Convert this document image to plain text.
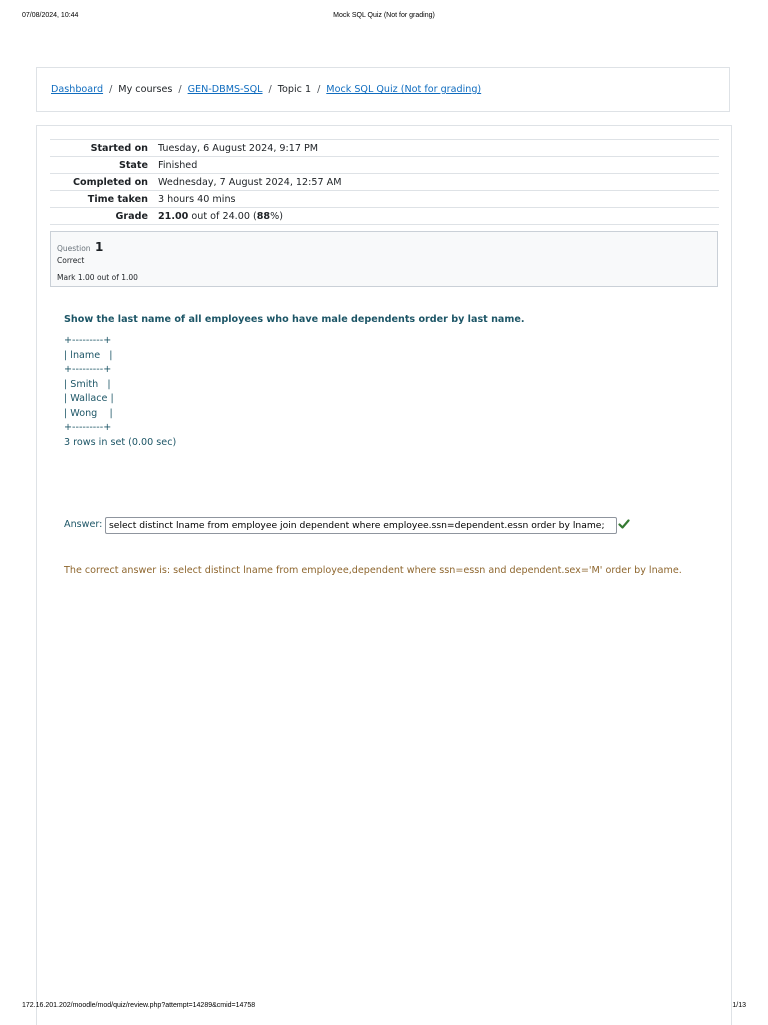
07/08/2024, 10:44	Mock SQL Quiz (Not for grading)
Dashboard / My courses / GEN-DBMS-SQL / Topic 1 / Mock SQL Quiz (Not for grading)
Started on	Tuesday, 6 August 2024, 9:17 PM
State	Finished
Completed on	Wednesday, 7 August 2024, 12:57 AM
Time taken	3 hours 40 mins
Grade	21.00 out of 24.00 (88%)
Question 1
Correct
Mark 1.00 out of 1.00

Show the last name of all employees who have male dependents order by last name.

+---------+
| lname   |
+---------+
| Smith   |
| Wallace |
| Wong    |
+---------+
3 rows in set (0.00 sec)
Answer:
select distinct lname from employee join dependent where employee.ssn=dependent.essn order by lname;
The correct answer is: select distinct lname from employee,dependent where ssn=essn and dependent.sex='M' order by lname.
172.16.201.202/moodle/mod/quiz/review.php?attempt=14289&cmid=14758	1/13
